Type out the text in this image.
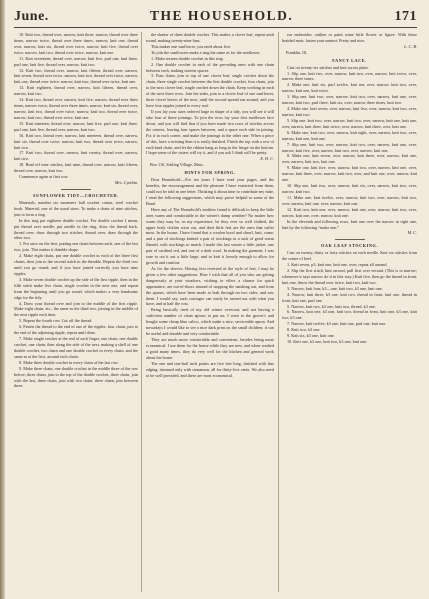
June.	THE HOUSEHOLD.	171
10. Knit two, thread over, narrow, knit three, narrow, thread over three times, narrow twice, thread over three times, narrow, knit one, thread over, narrow, knit six, thread over twice, narrow, knit five, thread over twice, narrow, knit two, thread over twice, narrow, knit one.
11. Knit seventeen, thread over, narrow, knit five, purl one, knit three, purl one, knit five, thread over, narrow, knit two.
12. Knit two, thread over, narrow, knit fifteen, thread over, narrow, knit seven, thread over twice, narrow, knit two, thread over twice, narrow, knit one, thread over twice, narrow, knit two, thread over twice, knit one.
13. Knit eighteen, thread over, narrow, knit fifteen, thread over, narrow, knit two.
14. Knit two, thread over, narrow, knit five, narrow, thread over three times, narrow twice, thread over three times, narrow, knit six, thread over, narrow, knit two, thread over twice, narrow, knit two, thread over twice, narrow, knit two, thread over twice, knit one.
15. Knit nineteen, thread over, narrow, knit five, purl one, knit three, purl one, knit five, thread over, narrow, knit two.
16. Knit two, thread over, narrow, knit nineteen, thread over, narrow, knit six, thread over twice, narrow, knit two, thread over twice, narrow, knit two.
17. Knit two, thread over, narrow, knit twenty, thread over, narrow, knit two.
18. Bind off nine stitches, knit nine, thread over, narrow, knit fifteen, thread over, narrow, knit two.
Commence again at first row.
Mrs. Cynthia.
SUNFLOWER TIDY—CROCHETED.
Materials, number six mourners ball crochet cotton, steel crochet hook. Material, one of the usual sizes. To make a chain of nine stitches, join to form a ring.
In this ring put eighteen double crochet. For double crochet I mean, put thread over needle, put needle in the ring, draw the thread back, thread over, draw through two stitches, thread over, draw through the other two.
1. For once on the first, putting one chain between each, one of the last two, join. This makes it thimble shape.
2. Make eight chain, put one double crochet in each of the three first chains, then join to the second stitch in the thimble. Repeat the third row until you go round, and if you have joined correctly you have nine ripples.
3. Make seven double crochet up the side of the first ripple, then in the fifth stitch make five chain, single crochet in the next one, and repeat from the beginning until you go round, which makes a very handsome edge for the tidy.
4. Draw your thread over and join to the middle of the first ripple. Make eight chain, etc., the same as the third row, joining in the middle of the next ripple each time.
5. Repeat the fourth row. Cut off the thread.
6. Fasten the thread to the end of one of the ripples, four chain, join to the end of the adjoining ripple, repeat until done.
7. Make single crochet at the end of each finger, one chain, one double crochet, one chain, then along the side of the next, making a shell of one double crochet, two chain and one double crochet in every chain, and the same as at the first, around each chain.
8. Make three double crochet in every chain of the last row.
9. Make three chain, one double crochet in the middle three of the row before; three chain, join to the top of the double crochet, three chain, join with the last, three chain, join with two chain, three chain, join between three.
the shutter of three double crochet. This makes a clover leaf, repeat until round, making twenty-nine fans.
This makes one sunflower, you need about five.
To join the sunflowers make a ring the same as for the sunflower.
1. Make sixteen double crochet in this ring.
2. One double crochet in each of the preceding ones with one chain between each, making sixteen spaces.
3. Four chain, join to top of one clover leaf, single crochet down the chain, three single crochet between the first double crochet, four chain, join to the next clover leaf, single crochet down the chain. Keep working in each of the next three rows. Join the sides, join to a clover leaf of one sunflower, three clover leaves of the next, until the second spread out around, and you have four ripples joined to every roof.
If you lay your stars ordered large in shape of a tidy, you will see it will take four of these joinings. To join the rows lay your first sunflower face down, and you will find that if you have made two rows of stitches across the centres, leaving four spaces between, and a space each side in joining. Fix it in each corner, and make the joinings in the other one. When a piece of this, have a twisting then it is easily finished. Finish the top with a row of each kind chain, and let the ribbon hang as long as the fringe on the bottom. I hope some of the sisters will try it, and if you ask I think will be pretty.
E. H. C.
Box 110, Stirling Village, Mass.
HINTS FOR SPRING.
Dear Household:—For ten years I have read your pages, and the benefits, the encouragement and the pleasure I have extracted from them, could not be told in one letter. Thinking it about time to contribute my mite, I send the following suggestions, which may prove helpful to some of the Band.
Have any of The Household's mothers found it difficult to keep the little ones warm and comfortable in the winter's damp weather? No matter how warm they may be, in my experience, be they ever so well clothed, the upper body clothes wear out, and their little feet are the ones that suffer most. In the house, I have found that a woolen hood and shawl, knit, come, and a pair of stockings knitted a pair of stockings in a sack of good warm flannel, with stockings to match. I made this last winter a little jacket, one pair of cardinal red, and one of a dark wool. In making the garment, I was sure to cut it out a little large, and to knit it loosely enough to allow for growth and comfort.
As for the sleeves. Having first received of the style of feet, I may be given a few other suggestions. How I wish that all of you who are getting dangerously at your windows, wishing to effect a chance for quick appearance, are out-of-doors instead of stopping the smoking out, and from the aprons, which have been made to leak through on two sides, and saw them. I would say, such carriages can easily be turned out with what you have, and at half the cost.
Being basically tired of my old winter overcoat, and not having a sufficient number of clean aprons to put on, I went to the grocer's and bought some cheap blue calico, which make a nice, serviceable apron. And nowadays I would like to see a nice dark print on the small children; it can be useful and durable and very comfortable.
They are much more comfortable and convenient, besides being more economical. I use them for the house while they are new, and when washed a good many times, they do very well for the kitchen and general work about the house.
The one and one-half inch points are five feet long, finished with fine edging, trimmed only with cinnamon, all for thirty-five cents. We also need to be well provided, and these are most economical.
ear embroider, outline or paint some little flower or figure. With these braided mats, fasten your neatest. Pretty and nice.
L. C. B.
Franklin, Ill.
FANCY LACE.
Cast on twenty-six stitches and knit across plain.
1. Slip one, knit two, over, narrow, knit two, over, narrow, knit twice, over, narrow three times.
2. Make one, knit six, purl twelve, knit ten, over, narrow, knit two, over, narrow, knit one, knit twice.
3. Slip one, knit two, over, narrow, knit two, over, narrow, knit one, over, narrow, knit two, purl three, knit six, over, narrow three times, knit two.
4. Make one, knit seven, over, narrow, knit five, over, narrow, knit two, over, narrow, knit two.
5. Slip one, knit two, over, narrow, knit two, over, narrow, knit one, knit one, over, narrow, knit three, knit twice, over, narrow, knit three, over, knit one.
6. Make one, knit two, over, narrow, knit eight, over, narrow, knit two, over, narrow, knit one, knit one.
7. Slip one, knit two, over, narrow, knit two, over, narrow, knit one, over, narrow, knit five, over, narrow, knit two, over, narrow, knit one.
8. Make one, knit seven, over, narrow, knit three, over, narrow, knit one, over, narrow, knit two, knit one.
9. Make one, knit five, over, narrow, knit two, over, narrow, knit one, over, narrow, knit three, over, narrow, knit two, over, and knit one, over, narrow, knit one.
10. Slip one, knit two, over, narrow, knit six, over, narrow, knit two, over, narrow, knit two.
11. Make one, knit twelve, over, narrow, knit two, over, narrow, knit two, over, narrow, knit one, over, narrow, knit one.
12. Knit two, knit one, over, narrow, knit one, over, narrow, knit two, over, narrow, knit one, over, narrow, knit one.
In the eleventh and following rows, knit one over the narrow in right one, knit by the following “make one.”
M. C.
OAK LEAF STOCKING.
Cast on twenty, thirty or forty stitches on each needle. Knit six stitches from the center of heel.
1. Knit seven, p3, knit one, knit one, over, repeat all around.
2. Slip the first stitch, knit second, pull first over second. (This is to narrow; whenever it says narrow do it in this way.) Knit five, then go the thread in front, knit one, throw the thread over twice, knit two, knit two.
3. Narrow, knit four, k3—one, knit two, k3 one, knit one.
4. Narrow, knit three, k3 one, knit two, thread in front, knit one, thread in front, knit one, purl one.
5. Narrow, knit two, k3 one, knit two, thread, k3 one.
6. Narrow, knit one, k3 one, knit two, thread in front, knit one, k3 one, knit two, k3 one.
7. Narrow, knit twelve, k3 one, knit one, purl one, knit one.
8. Knit two, k3 one.
9. Knit six, k3 one, knit one.
10. Knit one, k3 one, knit two, k3 one, knit one.
